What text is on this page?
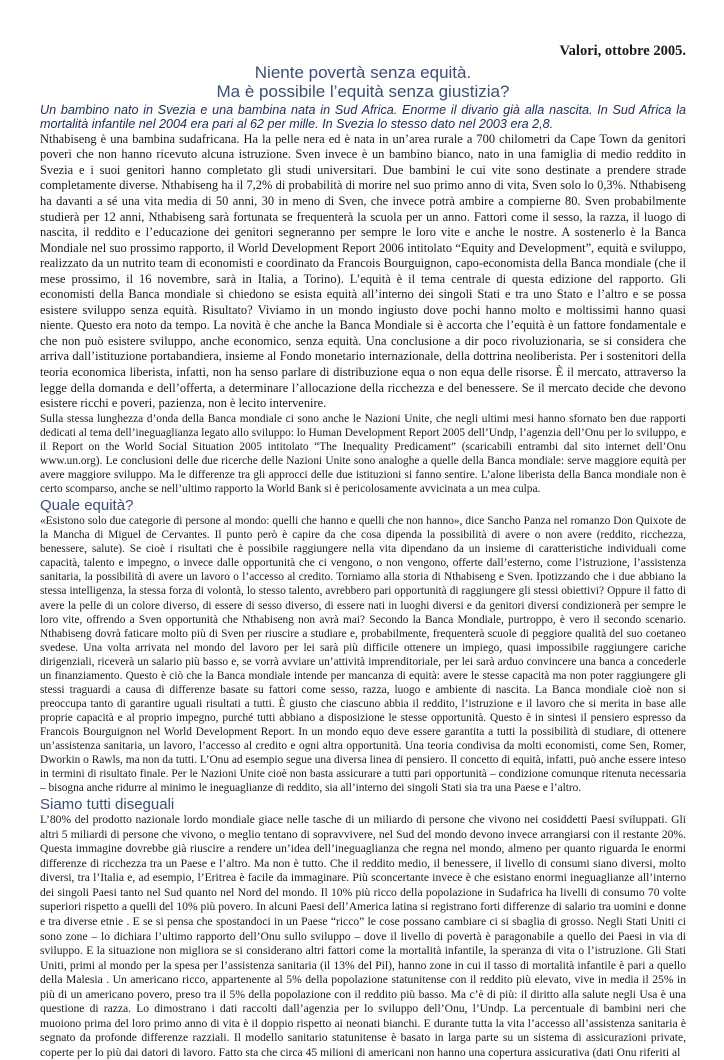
Valori, ottobre 2005.

Niente povertà senza equità.
Ma è possibile l’equità senza giustizia?

Un bambino nato in Svezia e una bambina nata in Sud Africa. Enorme il divario già alla nascita. In Sud Africa la mortalità infantile nel 2004 era pari al 62 per mille. In Svezia lo stesso dato nel 2003 era 2,8.

Nthabiseng è una bambina sudafricana. Ha la pelle nera ed è nata in un’area rurale a 700 chilometri da Cape Town da genitori poveri che non hanno ricevuto alcuna istruzione. Sven invece è un bambino bianco, nato in una famiglia di medio reddito in Svezia e i suoi genitori hanno completato gli studi universitari. Due bambini le cui vite sono destinate a prendere strade completamente diverse. Nthabiseng ha il 7,2% di probabilità di morire nel suo primo anno di vita, Sven solo lo 0,3%. Nthabiseng ha davanti a sé una vita media di 50 anni, 30 in meno di Sven, che invece potrà ambire a compierne 80. Sven probabilmente studierà per 12 anni, Nthabiseng sarà fortunata se frequenterà la scuola per un anno. Fattori come il sesso, la razza, il luogo di nascita, il reddito e l’educazione dei genitori segneranno per sempre le loro vite e anche le nostre. A sostenerlo è la Banca Mondiale nel suo prossimo rapporto, il World Development Report 2006 intitolato “Equity and Development”, equità e sviluppo, realizzato da un nutrito team di economisti e coordinato da Francois Bourguignon, capo-economista della Banca mondiale (che il mese prossimo, il 16 novembre, sarà in Italia, a Torino). L’equità è il tema centrale di questa edizione del rapporto. Gli economisti della Banca mondiale si chiedono se esista equità all’interno dei singoli Stati e tra uno Stato e l’altro e se possa esistere sviluppo senza equità. Risultato? Viviamo in un mondo ingiusto dove pochi hanno molto e moltissimi hanno quasi niente. Questo era noto da tempo. La novità è che anche la Banca Mondiale si è accorta che l’equità è un fattore fondamentale e che non può esistere sviluppo, anche economico, senza equità. Una conclusione a dir poco rivoluzionaria, se si considera che arriva dall’istituzione portabandiera, insieme al Fondo monetario internazionale, della dottrina neoliberista. Per i sostenitori della teoria economica liberista, infatti, non ha senso parlare di distribuzione equa o non equa delle risorse. È il mercato, attraverso la legge della domanda e dell’offerta, a determinare l’allocazione della ricchezza e del benessere. Se il mercato decide che devono esistere ricchi e poveri, pazienza, non è lecito intervenire.

Sulla stessa lunghezza d’onda della Banca mondiale ci sono anche le Nazioni Unite, che negli ultimi mesi hanno sfornato ben due rapporti dedicati al tema dell’ineguaglianza legato allo sviluppo: lo Human Development Report 2005 dell’Undp, l’agenzia dell’Onu per lo sviluppo, e il Report on the World Social Situation 2005 intitolato “The Inequality Predicament” (scaricabili entrambi dal sito internet dell’Onu www.un.org). Le conclusioni delle due ricerche delle Nazioni Unite sono analoghe a quelle della Banca mondiale: serve maggiore equità per avere maggiore sviluppo. Ma le differenze tra gli approcci delle due istituzioni si fanno sentire. L’alone liberista della Banca mondiale non è certo scomparso, anche se nell’ultimo rapporto la World Bank si è pericolosamente avvicinata a un mea culpa.

Quale equità?

«Esistono solo due categorie di persone al mondo: quelli che hanno e quelli che non hanno», dice Sancho Panza nel romanzo Don Quixote de la Mancha di Miguel de Cervantes. Il punto però è capire da che cosa dipenda la possibilità di avere o non avere (reddito, ricchezza, benessere, salute). Se cioè i risultati che è possibile raggiungere nella vita dipendano da un insieme di caratteristiche individuali come capacità, talento e impegno, o invece dalle opportunità che ci vengono, o non vengono, offerte dall’esterno, come l’istruzione, l’assistenza sanitaria, la possibilità di avere un lavoro o l’accesso al credito. Torniamo alla storia di Nthabiseng e Sven. Ipotizzando che i due abbiano la stessa intelligenza, la stessa forza di volontà, lo stesso talento, avrebbero pari opportunità di raggiungere gli stessi obiettivi? Oppure il fatto di avere la pelle di un colore diverso, di essere di sesso diverso, di essere nati in luoghi diversi e da genitori diversi condizionerà per sempre le loro vite, offrendo a Sven opportunità che Nthabiseng non avrà mai? Secondo la Banca Mondiale, purtroppo, è vero il secondo scenario. Nthabiseng dovrà faticare molto più di Sven per riuscire a studiare e, probabilmente, frequenterà scuole di peggiore qualità del suo coetaneo svedese. Una volta arrivata nel mondo del lavoro per lei sarà più difficile ottenere un impiego, quasi impossibile raggiungere cariche dirigenziali, riceverà un salario più basso e, se vorrà avviare un’attività imprenditoriale, per lei sarà arduo convincere una banca a concederle un finanziamento. Questo è ciò che la Banca mondiale intende per mancanza di equità: avere le stesse capacità ma non poter raggiungere gli stessi traguardi a causa di differenze basate su fattori come sesso, razza, luogo e ambiente di nascita. La Banca mondiale cioè non si preoccupa tanto di garantire uguali risultati a tutti. È giusto che ciascuno abbia il reddito, l’istruzione e il lavoro che si merita in base alle proprie capacità e al proprio impegno, purché tutti abbiano a disposizione le stesse opportunità. Questo è in sintesi il pensiero espresso da Francois Bourguignon nel World Development Report. In un mondo equo deve essere garantita a tutti la possibilità di studiare, di ottenere un’assistenza sanitaria, un lavoro, l’accesso al credito e ogni altra opportunità. Una teoria condivisa da molti economisti, come Sen, Romer, Dworkin o Rawls, ma non da tutti. L’Onu ad esempio segue una diversa linea di pensiero. Il concetto di equità, infatti, può anche essere inteso in termini di risultato finale. Per le Nazioni Unite cioè non basta assicurare a tutti pari opportunità – condizione comunque ritenuta necessaria – bisogna anche ridurre al minimo le ineguaglianze di reddito, sia all’interno dei singoli Stati sia tra una Paese e l’altro.

Siamo tutti diseguali

L’80% del prodotto nazionale lordo mondiale giace nelle tasche di un miliardo di persone che vivono nei cosiddetti Paesi sviluppati. Gli altri 5 miliardi di persone che vivono, o meglio tentano di sopravvivere, nel Sud del mondo devono invece arrangiarsi con il restante 20%. Questa immagine dovrebbe già riuscire a rendere un’idea dell’ineguaglianza che regna nel mondo, almeno per quanto riguarda le enormi differenze di ricchezza tra un Paese e l’altro. Ma non è tutto. Che il reddito medio, il benessere, il livello di consumi siano diversi, molto diversi, tra l’Italia e, ad esempio, l’Eritrea è facile da immaginare. Più sconcertante invece è che esistano enormi ineguaglianze all’interno dei singoli Paesi tanto nel Sud quanto nel Nord del mondo. Il 10% più ricco della popolazione in Sudafrica ha livelli di consumo 70 volte superiori rispetto a quelli del 10% più povero. In alcuni Paesi dell’America latina si registrano forti differenze di salario tra uomini e donne e tra diverse etnie . E se si pensa che spostandoci in un Paese “ricco” le cose possano cambiare ci si sbaglia di grosso. Negli Stati Uniti ci sono zone – lo dichiara l’ultimo rapporto dell’Onu sullo sviluppo – dove il livello di povertà è paragonabile a quello dei Paesi in via di sviluppo. E la situazione non migliora se si considerano altri fattori come la mortalità infantile, la speranza di vita o l’istruzione. Gli Stati Uniti, primi al mondo per la spesa per l’assistenza sanitaria (il 13% del Pil), hanno zone in cui il tasso di mortalità infantile è pari a quello della Malesia . Un americano ricco, appartenente al 5% della popolazione statunitense con il reddito più elevato, vive in media il 25% in più di un americano povero, preso tra il 5% della popolazione con il reddito più basso. Ma c’è di più: il diritto alla salute negli Usa è una questione di razza. Lo dimostrano i dati raccolti dall’agenzia per lo sviluppo dell’Onu, l’Undp. La percentuale di bambini neri che muoiono prima del loro primo anno di vita è il doppio rispetto ai neonati bianchi. E durante tutta la vita l’accesso all’assistenza sanitaria è segnato da profonde differenze razziali. Il modello sanitario statunitense è basato in larga parte su un sistema di assicurazioni private, coperte per lo più dai datori di lavoro. Fatto sta che circa 45 milioni di americani non hanno una copertura assicurativa (dati Onu riferiti al
